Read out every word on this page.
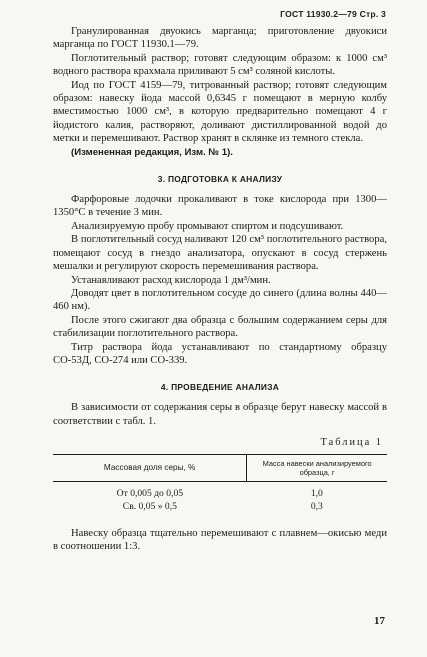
ГОСТ 11930.2—79 Стр. 3

Гранулированная двуокись марганца; приготовление двуокиси марганца по ГОСТ 11930.1—79.

Поглотительный раствор; готовят следующим образом: к 1000 см³ водного раствора крахмала приливают 5 см³ соляной кислоты.

Иод по ГОСТ 4159—79, титрованный раствор; готовят следующим образом: навеску йода массой 0,6345 г помещают в мерную колбу вместимостью 1000 см³, в которую предварительно помещают 4 г йодистого калия, растворяют, доливают дистиллированной водой до метки и перемешивают. Раствор хранят в склянке из темного стекла.

(Измененная редакция, Изм. № 1).

3. ПОДГОТОВКА К АНАЛИЗУ

Фарфоровые лодочки прокаливают в токе кислорода при 1300—1350°С в течение 3 мин.

Анализируемую пробу промывают спиртом и подсушивают.

В поглотительный сосуд наливают 120 см³ поглотительного раствора, помещают сосуд в гнездо анализатора, опускают в сосуд стержень мешалки и регулируют скорость перемешивания раствора.

Устанавливают расход кислорода 1 дм³/мин.

Доводят цвет в поглотительном сосуде до синего (длина волны 440—460 нм).

После этого сжигают два образца с большим содержанием серы для стабилизации поглотительного раствора.

Титр раствора йода устанавливают по стандартному образцу СО-53Д, СО-274 или СО-339.

4. ПРОВЕДЕНИЕ АНАЛИЗА

В зависимости от содержания серы в образце берут навеску массой в соответствии с табл. 1.

Таблица 1

Массовая доля серы, %	Масса навески анализируемого образца, г

От 0,005 до 0,05	1,0
Св. 0,05 » 0,5	0,3

Навеску образца тщательно перемешивают с плавнем—окисью меди в соотношении 1:3.

17
